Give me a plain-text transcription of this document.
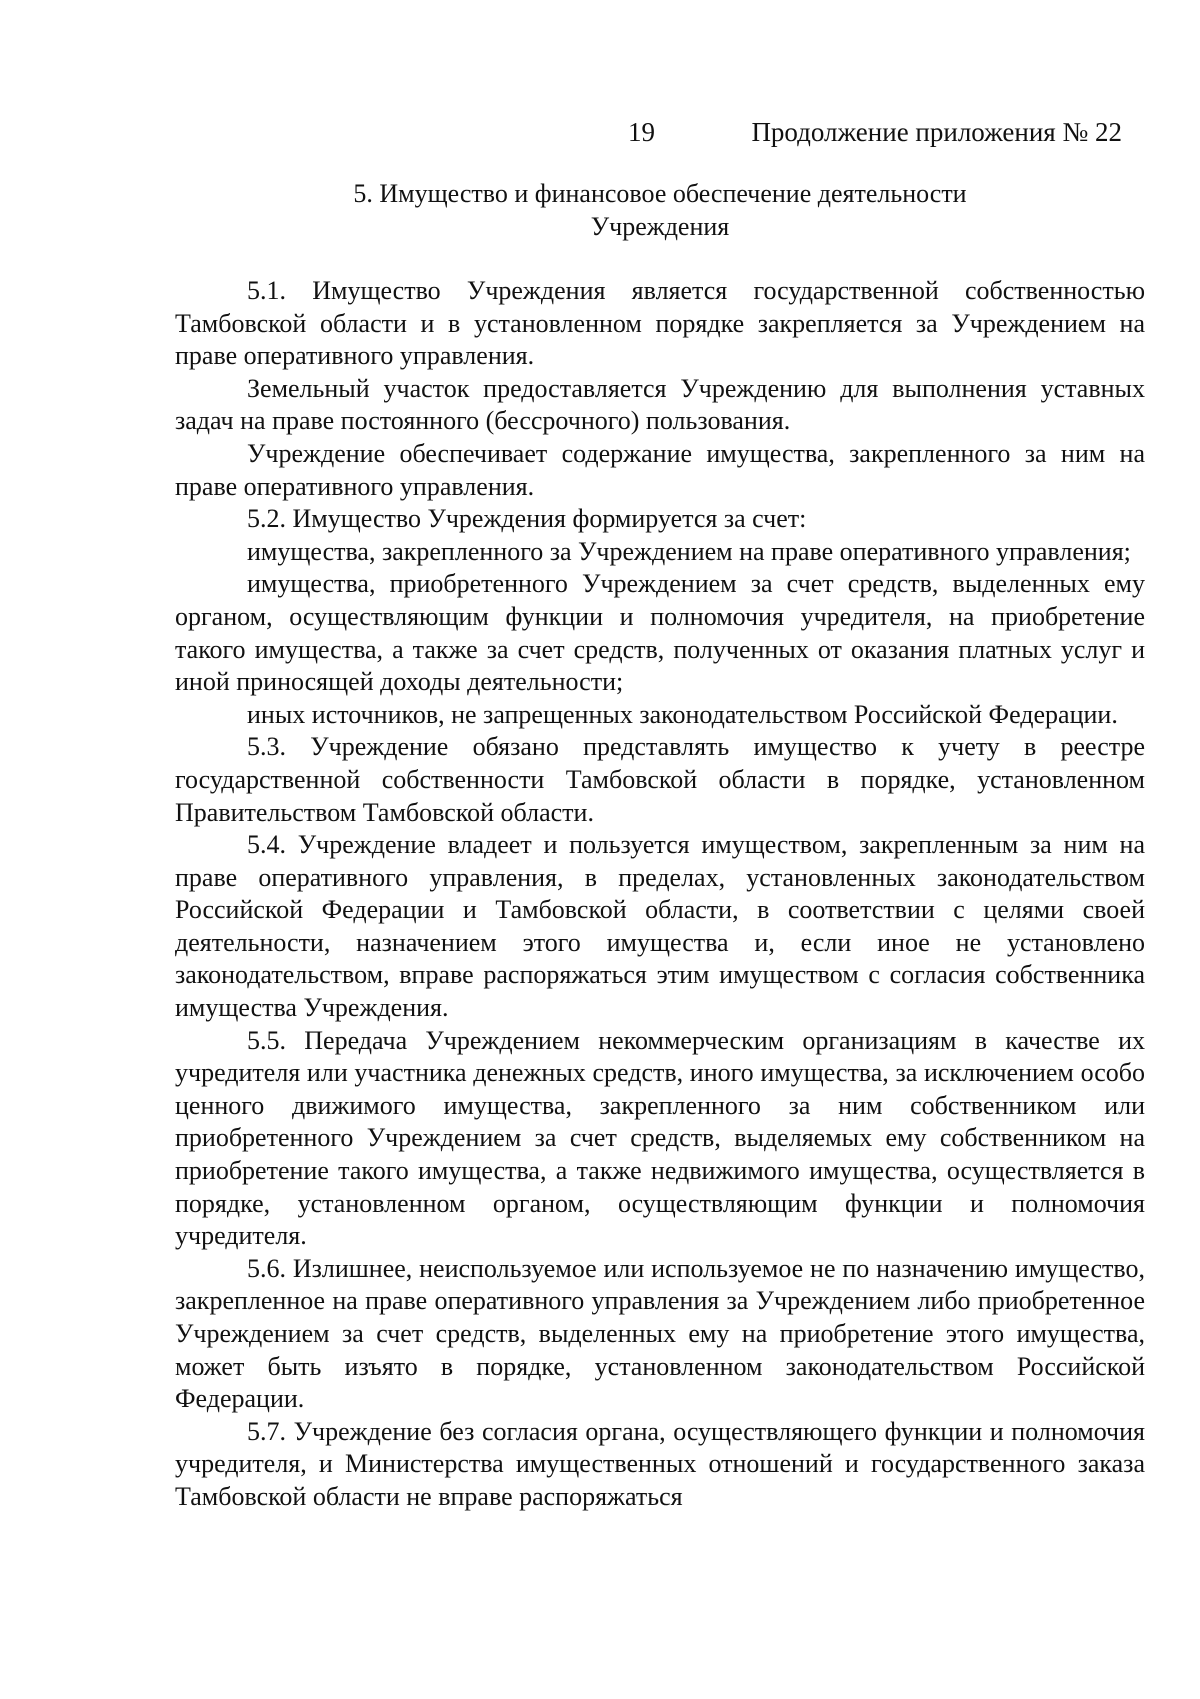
19	Продолжение приложения № 22
5. Имущество и финансовое обеспечение деятельности
Учреждения

5.1. Имущество Учреждения является государственной собственностью Тамбовской области и в установленном порядке закрепляется за Учреждением на праве оперативного управления.

Земельный участок предоставляется Учреждению для выполнения уставных задач на праве постоянного (бессрочного) пользования.

Учреждение обеспечивает содержание имущества, закрепленного за ним на праве оперативного управления.

5.2. Имущество Учреждения формируется за счет:

имущества, закрепленного за Учреждением на праве оперативного управления;

имущества, приобретенного Учреждением за счет средств, выделенных ему органом, осуществляющим функции и полномочия учредителя, на приобретение такого имущества, а также за счет средств, полученных от оказания платных услуг и иной приносящей доходы деятельности;

иных источников, не запрещенных законодательством Российской Федерации.

5.3. Учреждение обязано представлять имущество к учету в реестре государственной собственности Тамбовской области в порядке, установленном Правительством Тамбовской области.

5.4. Учреждение владеет и пользуется имуществом, закрепленным за ним на праве оперативного управления, в пределах, установленных законодательством Российской Федерации и Тамбовской области, в соответствии с целями своей деятельности, назначением этого имущества и, если иное не установлено законодательством, вправе распоряжаться этим имуществом с согласия собственника имущества Учреждения.

5.5. Передача Учреждением некоммерческим организациям в качестве их учредителя или участника денежных средств, иного имущества, за исключением особо ценного движимого имущества, закрепленного за ним собственником или приобретенного Учреждением за счет средств, выделяемых ему собственником на приобретение такого имущества, а также недвижимого имущества, осуществляется в порядке, установленном органом, осуществляющим функции и полномочия учредителя.

5.6. Излишнее, неиспользуемое или используемое не по назначению имущество, закрепленное на праве оперативного управления за Учреждением либо приобретенное Учреждением за счет средств, выделенных ему на приобретение этого имущества, может быть изъято в порядке, установленном законодательством Российской Федерации.

5.7. Учреждение без согласия органа, осуществляющего функции и полномочия учредителя, и Министерства имущественных отношений и государственного заказа Тамбовской области не вправе распоряжаться
